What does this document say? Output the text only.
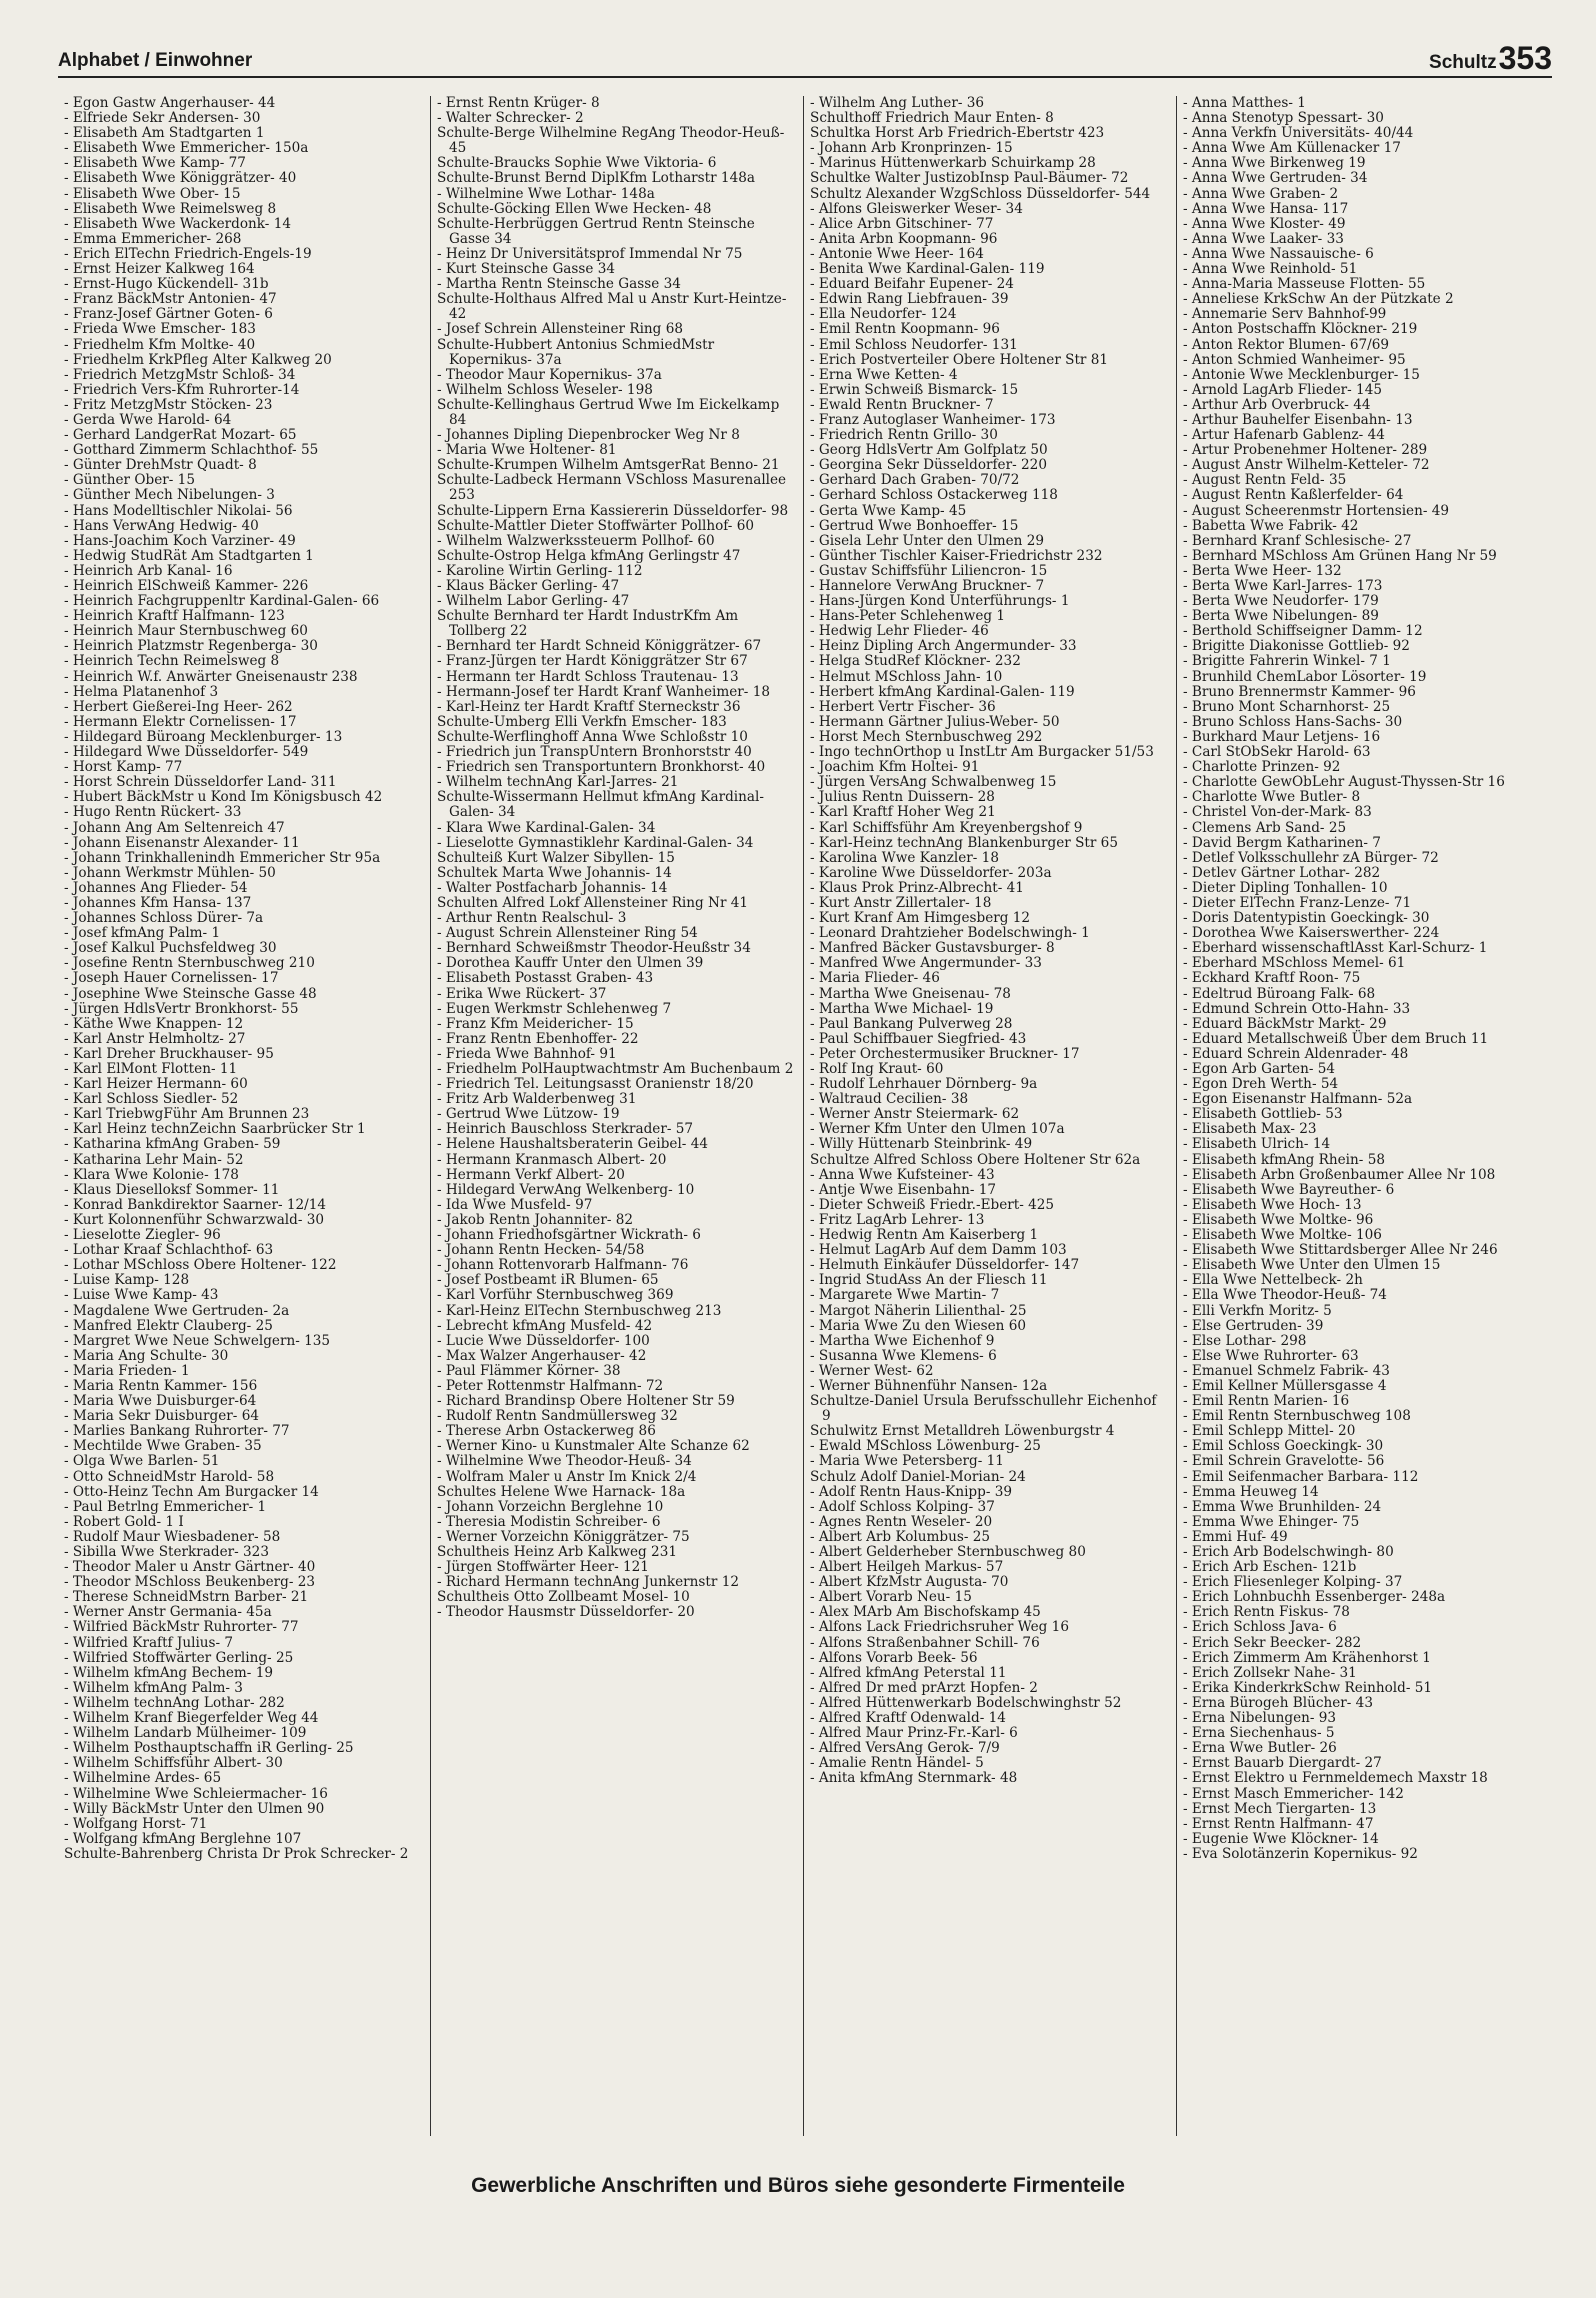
Alphabet / Einwohner	Schultz 353
- Egon Gastw Angerhauser- 44
- Elfriede Sekr Andersen- 30
- Elisabeth Am Stadtgarten 1
- Elisabeth Wwe Emmericher- 150a
- Elisabeth Wwe Kamp- 77
- Elisabeth Wwe Königgrätzer- 40
- Elisabeth Wwe Ober- 15
- Elisabeth Wwe Reimelsweg 8
- Elisabeth Wwe Wackerdonk- 14
- Emma Emmericher- 268
- Erich ElTechn Friedrich-Engels-19
- Ernst Heizer Kalkweg 164
- Ernst-Hugo Kückendell- 31b
- Franz BäckMstr Antonien- 47
- Franz-Josef Gärtner Goten- 6
- Frieda Wwe Emscher- 183
- Friedhelm Kfm Moltke- 40
- Friedhelm KrkPfleg Alter Kalkweg 20
- Friedrich MetzgMstr Schloß- 34
- Friedrich Vers-Kfm Ruhrorter-14
- Fritz MetzgMstr Stöcken- 23
- Gerda Wwe Harold- 64
- Gerhard LandgerRat Mozart- 65
- Gotthard Zimmerm Schlachthof- 55
- Günter DrehMstr Quadt- 8
- Günther Ober- 15
- Günther Mech Nibelungen- 3
- Hans Modelltischler Nikolai- 56
- Hans VerwAng Hedwig- 40
- Hans-Joachim Koch Varziner- 49
- Hedwig StudRät Am Stadtgarten 1
- Heinrich Arb Kanal- 16
- Heinrich ElSchweiß Kammer- 226
- Heinrich Fachgruppenltr Kardinal-Galen- 66
- Heinrich Kraftf Halfmann- 123
- Heinrich Maur Sternbuschweg 60
- Heinrich Platzmstr Regenberga- 30
- Heinrich Techn Reimelsweg 8
- Heinrich W.f. Anwärter Gneisenaustr 238
- Helma Platanenhof 3
- Herbert Gießerei-Ing Heer- 262
- Hermann Elektr Cornelissen- 17
- Hildegard Büroang Mecklenburger- 13
- Hildegard Wwe Düsseldorfer- 549
- Horst Kamp- 77
- Horst Schrein Düsseldorfer Land- 311
- Hubert BäckMstr u Kond Im Königsbusch 42
- Hugo Rentn Rückert- 33
- Johann Ang Am Seltenreich 47
- Johann Eisenanstr Alexander- 11
- Johann Trinkhallenindh Emmericher Str 95a
- Johann Werkmstr Mühlen- 50
- Johannes Ang Flieder- 54
- Johannes Kfm Hansa- 137
- Johannes Schloss Dürer- 7a
- Josef kfmAng Palm- 1
- Josef Kalkul Puchsfeldweg 30
- Josefine Rentn Sternbuschweg 210
- Joseph Hauer Cornelissen- 17
- Josephine Wwe Steinsche Gasse 48
- Jürgen HdlsVertr Bronkhorst- 55
- Käthe Wwe Knappen- 12
- Karl Anstr Helmholtz- 27
- Karl Dreher Bruckhauser- 95
- Karl ElMont Flotten- 11
- Karl Heizer Hermann- 60
- Karl Schloss Siedler- 52
- Karl TriebwgFühr Am Brunnen 23
- Karl Heinz technZeichn Saarbrücker Str 1
- Katharina kfmAng Graben- 59
- Katharina Lehr Main- 52
- Klara Wwe Kolonie- 178
- Klaus Dieselloksf Sommer- 11
- Konrad Bankdirektor Saarner- 12/14
- Kurt Kolonnenführ Schwarzwald- 30
- Lieselotte Ziegler- 96
- Lothar Kraaf Schlachthof- 63
- Lothar MSchloss Obere Holtener- 122
- Luise Kamp- 128
- Luise Wwe Kamp- 43
- Magdalene Wwe Gertruden- 2a
- Manfred Elektr Clauberg- 25
- Margret Wwe Neue Schwelgern- 135
- Maria Ang Schulte- 30
- Maria Frieden- 1
- Maria Rentn Kammer- 156
- Maria Wwe Duisburger-64
- Maria Sekr Duisburger- 64
- Marlies Bankang Ruhrorter- 77
- Mechtilde Wwe Graben- 35
- Olga Wwe Barlen- 51
- Otto SchneidMstr Harold- 58
- Otto-Heinz Techn Am Burgacker 14
- Paul Betrlng Emmericher- 1
- Robert Gold- 1 I
- Rudolf Maur Wiesbadener- 58
- Sibilla Wwe Sterkrader- 323
- Theodor Maler u Anstr Gärtner- 40
- Theodor MSchloss Beukenberg- 23
- Therese SchneidMstrn Barber- 21
- Werner Anstr Germania- 45a
- Wilfried BäckMstr Ruhrorter- 77
- Wilfried Kraftf Julius- 7
- Wilfried Stoffwärter Gerling- 25
- Wilhelm kfmAng Bechem- 19
- Wilhelm kfmAng Palm- 3
- Wilhelm technAng Lothar- 282
- Wilhelm Kranf Biegerfelder Weg 44
- Wilhelm Landarb Mülheimer- 109
- Wilhelm Posthauptschaffn iR Gerling- 25
- Wilhelm Schiffsführ Albert- 30
- Wilhelmine Ardes- 65
- Wilhelmine Wwe Schleiermacher- 16
- Willy BäckMstr Unter den Ulmen 90
- Wolfgang Horst- 71
- Wolfgang kfmAng Berglehne 107
Schulte-Bahrenberg Christa Dr Prok Schrecker- 2
- Ernst Rentn Krüger- 8
- Walter Schrecker- 2
Schulte-Berge Wilhelmine RegAng Theodor-Heuß- 45
Schulte-Braucks Sophie Wwe Viktoria- 6
Schulte-Brunst Bernd DiplKfm Lotharstr 148a
- Wilhelmine Wwe Lothar- 148a
Schulte-Göcking Ellen Wwe Hecken- 48
Schulte-Herbrüggen Gertrud Rentn Steinsche Gasse 34
- Heinz Dr Universitätsprof Immendal Nr 75
- Kurt Steinsche Gasse 34
- Martha Rentn Steinsche Gasse 34
Schulte-Holthaus Alfred Mal u Anstr Kurt-Heintze- 42
- Josef Schrein Allensteiner Ring 68
Schulte-Hubbert Antonius SchmiedMstr Kopernikus- 37a
- Theodor Maur Kopernikus- 37a
- Wilhelm Schloss Weseler- 198
Schulte-Kellinghaus Gertrud Wwe Im Eickelkamp 84
- Johannes Dipling Diepenbrocker Weg Nr 8
- Maria Wwe Holtener- 81
Schulte-Krumpen Wilhelm AmtsgerRat Benno- 21
Schulte-Ladbeck Hermann VSchloss Masurenallee 253
Schulte-Lippern Erna Kassiererin Düsseldorfer- 98
Schulte-Mattler Dieter Stoffwärter Pollhof- 60
- Wilhelm Walzwerkssteuerm Pollhof- 60
Schulte-Ostrop Helga kfmAng Gerlingstr 47
- Karoline Wirtin Gerling- 112
- Klaus Bäcker Gerling- 47
- Wilhelm Labor Gerling- 47
Schulte Bernhard ter Hardt IndustrKfm Am Tollberg 22
- Bernhard ter Hardt Schneid Königgrätzer- 67
- Franz-Jürgen ter Hardt Königgrätzer Str 67
- Hermann ter Hardt Schloss Trautenau- 13
- Hermann-Josef ter Hardt Kranf Wanheimer- 18
- Karl-Heinz ter Hardt Kraftf Sterneckstr 36
Schulte-Umberg Elli Verkfn Emscher- 183
Schulte-Werflinghoff Anna Wwe Schloßstr 10
- Friedrich jun TranspUntern Bronhorststr 40
- Friedrich sen Transportuntern Bronkhorst- 40
- Wilhelm technAng Karl-Jarres- 21
Schulte-Wissermann Hellmut kfmAng Kardinal-Galen- 34
- Klara Wwe Kardinal-Galen- 34
- Lieselotte Gymnastiklehr Kardinal-Galen- 34
Schulteiß Kurt Walzer Sibyllen- 15
Schultek Marta Wwe Johannis- 14
- Walter Postfacharb Johannis- 14
Schulten Alfred Lokf Allensteiner Ring Nr 41
- Arthur Rentn Realschul- 3
- August Schrein Allensteiner Ring 54
- Bernhard Schweißmstr Theodor-Heußstr 34
- Dorothea Kauffr Unter den Ulmen 39
- Elisabeth Postasst Graben- 43
- Erika Wwe Rückert- 37
- Eugen Werkmstr Schlehenweg 7
- Franz Kfm Meidericher- 15
- Franz Rentn Ebenhoffer- 22
- Frieda Wwe Bahnhof- 91
- Friedhelm PolHauptwachtmstr Am Buchenbaum 2
- Friedrich Tel. Leitungsasst Oranienstr 18/20
- Fritz Arb Walderbenweg 31
- Gertrud Wwe Lützow- 19
- Heinrich Bauschloss Sterkrader- 57
- Helene Haushaltsberaterin Geibel- 44
- Hermann Kranmasch Albert- 20
- Hermann Verkf Albert- 20
- Hildegard VerwAng Welkenberg- 10
- Ida Wwe Musfeld- 97
- Jakob Rentn Johanniter- 82
- Johann Friedhofsgärtner Wickrath- 6
- Johann Rentn Hecken- 54/58
- Johann Rottenvorarb Halfmann- 76
- Josef Postbeamt iR Blumen- 65
- Karl Vorführ Sternbuschweg 369
- Karl-Heinz ElTechn Sternbuschweg 213
- Lebrecht kfmAng Musfeld- 42
- Lucie Wwe Düsseldorfer- 100
- Max Walzer Angerhauser- 42
- Paul Flämmer Körner- 38
- Peter Rottenmstr Halfmann- 72
- Richard Brandinsp Obere Holtener Str 59
- Rudolf Rentn Sandmüllersweg 32
- Therese Arbn Ostackerweg 86
- Werner Kino- u Kunstmaler Alte Schanze 62
- Wilhelmine Wwe Theodor-Heuß- 34
- Wolfram Maler u Anstr Im Knick 2/4
Schultes Helene Wwe Harnack- 18a
- Johann Vorzeichn Berglehne 10
- Theresia Modistin Schreiber- 6
- Werner Vorzeichn Königgrätzer- 75
Schultheis Heinz Arb Kalkweg 231
- Jürgen Stoffwärter Heer- 121
- Richard Hermann technAng Junkernstr 12
Schultheis Otto Zollbeamt Mosel- 10
- Theodor Hausmstr Düsseldorfer- 20
- Wilhelm Ang Luther- 36
Schulthoff Friedrich Maur Enten- 8
Schultka Horst Arb Friedrich-Ebertstr 423
- Johann Arb Kronprinzen- 15
- Marinus Hüttenwerkarb Schuirkamp 28
Schultke Walter JustizobInsp Paul-Bäumer- 72
Schultz Alexander WzgSchloss Düsseldorfer- 544
- Alfons Gleiswerker Weser- 34
- Alice Arbn Gitschiner- 77
- Anita Arbn Koopmann- 96
- Antonie Wwe Heer- 164
- Benita Wwe Kardinal-Galen- 119
- Eduard Beifahr Eupener- 24
- Edwin Rang Liebfrauen- 39
- Ella Neudorfer- 124
- Emil Rentn Koopmann- 96
- Emil Schloss Neudorfer- 131
- Erich Postverteiler Obere Holtener Str 81
- Erna Wwe Ketten- 4
- Erwin Schweiß Bismarck- 15
- Ewald Rentn Bruckner- 7
- Franz Autoglaser Wanheimer- 173
- Friedrich Rentn Grillo- 30
- Georg HdlsVertr Am Golfplatz 50
- Georgina Sekr Düsseldorfer- 220
- Gerhard Dach Graben- 70/72
- Gerhard Schloss Ostackerweg 118
- Gerta Wwe Kamp- 45
- Gertrud Wwe Bonhoeffer- 15
- Gisela Lehr Unter den Ulmen 29
- Günther Tischler Kaiser-Friedrichstr 232
- Gustav Schiffsführ Liliencron- 15
- Hannelore VerwAng Bruckner- 7
- Hans-Jürgen Kond Unterführungs- 1
- Hans-Peter Schlehenweg 1
- Hedwig Lehr Flieder- 46
- Heinz Dipling Arch Angermunder- 33
- Helga StudRef Klöckner- 232
- Helmut MSchloss Jahn- 10
- Herbert kfmAng Kardinal-Galen- 119
- Herbert Vertr Fischer- 36
- Hermann Gärtner Julius-Weber- 50
- Horst Mech Sternbuschweg 292
- Ingo technOrthop u InstLtr Am Burgacker 51/53
- Joachim Kfm Holtei- 91
- Jürgen VersAng Schwalbenweg 15
- Julius Rentn Duissern- 28
- Karl Kraftf Hoher Weg 21
- Karl Schiffsführ Am Kreyenbergshof 9
- Karl-Heinz technAng Blankenburger Str 65
- Karolina Wwe Kanzler- 18
- Karoline Wwe Düsseldorfer- 203a
- Klaus Prok Prinz-Albrecht- 41
- Kurt Anstr Zillertaler- 18
- Kurt Kranf Am Himgesberg 12
- Leonard Drahtzieher Bodelschwingh- 1
- Manfred Bäcker Gustavsburger- 8
- Manfred Wwe Angermunder- 33
- Maria Flieder- 46
- Martha Wwe Gneisenau- 78
- Martha Wwe Michael- 19
- Paul Bankang Pulverweg 28
- Paul Schiffbauer Siegfried- 43
- Peter Orchestermusiker Bruckner- 17
- Rolf Ing Kraut- 60
- Rudolf Lehrhauer Dörnberg- 9a
- Waltraud Cecilien- 38
- Werner Anstr Steiermark- 62
- Werner Kfm Unter den Ulmen 107a
- Willy Hüttenarb Steinbrink- 49
Schultze Alfred Schloss Obere Holtener Str 62a
- Anna Wwe Kufsteiner- 43
- Antje Wwe Eisenbahn- 17
- Dieter Schweiß Friedr.-Ebert- 425
- Fritz LagArb Lehrer- 13
- Hedwig Rentn Am Kaiserberg 1
- Helmut LagArb Auf dem Damm 103
- Helmuth Einkäufer Düsseldorfer- 147
- Ingrid StudAss An der Fliesch 11
- Margarete Wwe Martin- 7
- Margot Näherin Lilienthal- 25
- Maria Wwe Zu den Wiesen 60
- Martha Wwe Eichenhof 9
- Susanna Wwe Klemens- 6
- Werner West- 62
- Werner Bühnenführ Nansen- 12a
Schultze-Daniel Ursula Berufsschullehr Eichenhof 9
Schulwitz Ernst Metalldreh Löwenburgstr 4
- Ewald MSchloss Löwenburg- 25
- Maria Wwe Petersberg- 11
Schulz Adolf Daniel-Morian- 24
- Adolf Rentn Haus-Knipp- 39
- Adolf Schloss Kolping- 37
- Agnes Rentn Weseler- 20
- Albert Arb Kolumbus- 25
- Albert Gelderheber Sternbuschweg 80
- Albert Heilgeh Markus- 57
- Albert KfzMstr Augusta- 70
- Albert Vorarb Neu- 15
- Alex MArb Am Bischofskamp 45
- Alfons Lack Friedrichsruher Weg 16
- Alfons Straßenbahner Schill- 76
- Alfons Vorarb Beek- 56
- Alfred kfmAng Peterstal 11
- Alfred Dr med prArzt Hopfen- 2
- Alfred Hüttenwerkarb Bodelschwinghstr 52
- Alfred Kraftf Odenwald- 14
- Alfred Maur Prinz-Fr.-Karl- 6
- Alfred VersAng Gerok- 7/9
- Amalie Rentn Händel- 5
- Anita kfmAng Sternmark- 48
- Anna Matthes- 1
- Anna Stenotyp Spessart- 30
- Anna Verkfn Universitäts- 40/44
- Anna Wwe Am Küllenacker 17
- Anna Wwe Birkenweg 19
- Anna Wwe Gertruden- 34
- Anna Wwe Graben- 2
- Anna Wwe Hansa- 117
- Anna Wwe Kloster- 49
- Anna Wwe Laaker- 33
- Anna Wwe Nassauische- 6
- Anna Wwe Reinhold- 51
- Anna-Maria Masseuse Flotten- 55
- Anneliese KrkSchw An der Pützkate 2
- Annemarie Serv Bahnhof-99
- Anton Postschaffn Klöckner- 219
- Anton Rektor Blumen- 67/69
- Anton Schmied Wanheimer- 95
- Antonie Wwe Mecklenburger- 15
- Arnold LagArb Flieder- 145
- Arthur Arb Overbruck- 44
- Arthur Bauhelfer Eisenbahn- 13
- Artur Hafenarb Gablenz- 44
- Artur Probenehmer Holtener- 289
- August Anstr Wilhelm-Ketteler- 72
- August Rentn Feld- 35
- August Rentn Kaßlerfelder- 64
- August Scheerenmstr Hortensien- 49
- Babetta Wwe Fabrik- 42
- Bernhard Kranf Schlesische- 27
- Bernhard MSchloss Am Grünen Hang Nr 59
- Berta Wwe Heer- 132
- Berta Wwe Karl-Jarres- 173
- Berta Wwe Neudorfer- 179
- Berta Wwe Nibelungen- 89
- Berthold Schiffseigner Damm- 12
- Brigitte Diakonisse Gottlieb- 92
- Brigitte Fahrerin Winkel- 7 1
- Brunhild ChemLabor Lösorter- 19
- Bruno Brennermstr Kammer- 96
- Bruno Mont Scharnhorst- 25
- Bruno Schloss Hans-Sachs- 30
- Burkhard Maur Letjens- 16
- Carl StObSekr Harold- 63
- Charlotte Prinzen- 92
- Charlotte GewObLehr August-Thyssen-Str 16
- Charlotte Wwe Butler- 8
- Christel Von-der-Mark- 83
- Clemens Arb Sand- 25
- David Bergm Katharinen- 7
- Detlef Volksschullehr zA Bürger- 72
- Detlev Gärtner Lothar- 282
- Dieter Dipling Tonhallen- 10
- Dieter ElTechn Franz-Lenze- 71
- Doris Datentypistin Goeckingk- 30
- Dorothea Wwe Kaiserswerther- 224
- Eberhard wissenschaftlAsst Karl-Schurz- 1
- Eberhard MSchloss Memel- 61
- Eckhard Kraftf Roon- 75
- Edeltrud Büroang Falk- 68
- Edmund Schrein Otto-Hahn- 33
- Eduard BäckMstr Markt- 29
- Eduard Metallschweiß Über dem Bruch 11
- Eduard Schrein Aldenrader- 48
- Egon Arb Garten- 54
- Egon Dreh Werth- 54
- Egon Eisenanstr Halfmann- 52a
- Elisabeth Gottlieb- 53
- Elisabeth Max- 23
- Elisabeth Ulrich- 14
- Elisabeth kfmAng Rhein- 58
- Elisabeth Arbn Großenbaumer Allee Nr 108
- Elisabeth Wwe Bayreuther- 6
- Elisabeth Wwe Hoch- 13
- Elisabeth Wwe Moltke- 96
- Elisabeth Wwe Moltke- 106
- Elisabeth Wwe Stittardsberger Allee Nr 246
- Elisabeth Wwe Unter den Ulmen 15
- Ella Wwe Nettelbeck- 2h
- Ella Wwe Theodor-Heuß- 74
- Elli Verkfn Moritz- 5
- Else Gertruden- 39
- Else Lothar- 298
- Else Wwe Ruhrorter- 63
- Emanuel Schmelz Fabrik- 43
- Emil Kellner Müllersgasse 4
- Emil Rentn Marien- 16
- Emil Rentn Sternbuschweg 108
- Emil Schlepp Mittel- 20
- Emil Schloss Goeckingk- 30
- Emil Schrein Gravelotte- 56
- Emil Seifenmacher Barbara- 112
- Emma Heuweg 14
- Emma Wwe Brunhilden- 24
- Emma Wwe Ehinger- 75
- Emmi Huf- 49
- Erich Arb Bodelschwingh- 80
- Erich Arb Eschen- 121b
- Erich Fliesenleger Kolping- 37
- Erich Lohnbuchh Essenberger- 248a
- Erich Rentn Fiskus- 78
- Erich Schloss Java- 6
- Erich Sekr Beecker- 282
- Erich Zimmerm Am Krähenhorst 1
- Erich Zollsekr Nahe- 31
- Erika KinderkrkSchw Reinhold- 51
- Erna Bürogeh Blücher- 43
- Erna Nibelungen- 93
- Erna Siechenhaus- 5
- Erna Wwe Butler- 26
- Ernst Bauarb Diergardt- 27
- Ernst Elektro u Fernmeldemech Maxstr 18
- Ernst Masch Emmericher- 142
- Ernst Mech Tiergarten- 13
- Ernst Rentn Halfmann- 47
- Eugenie Wwe Klöckner- 14
- Eva Solotänzerin Kopernikus- 92
Gewerbliche Anschriften und Büros siehe gesonderte Firmenteile
